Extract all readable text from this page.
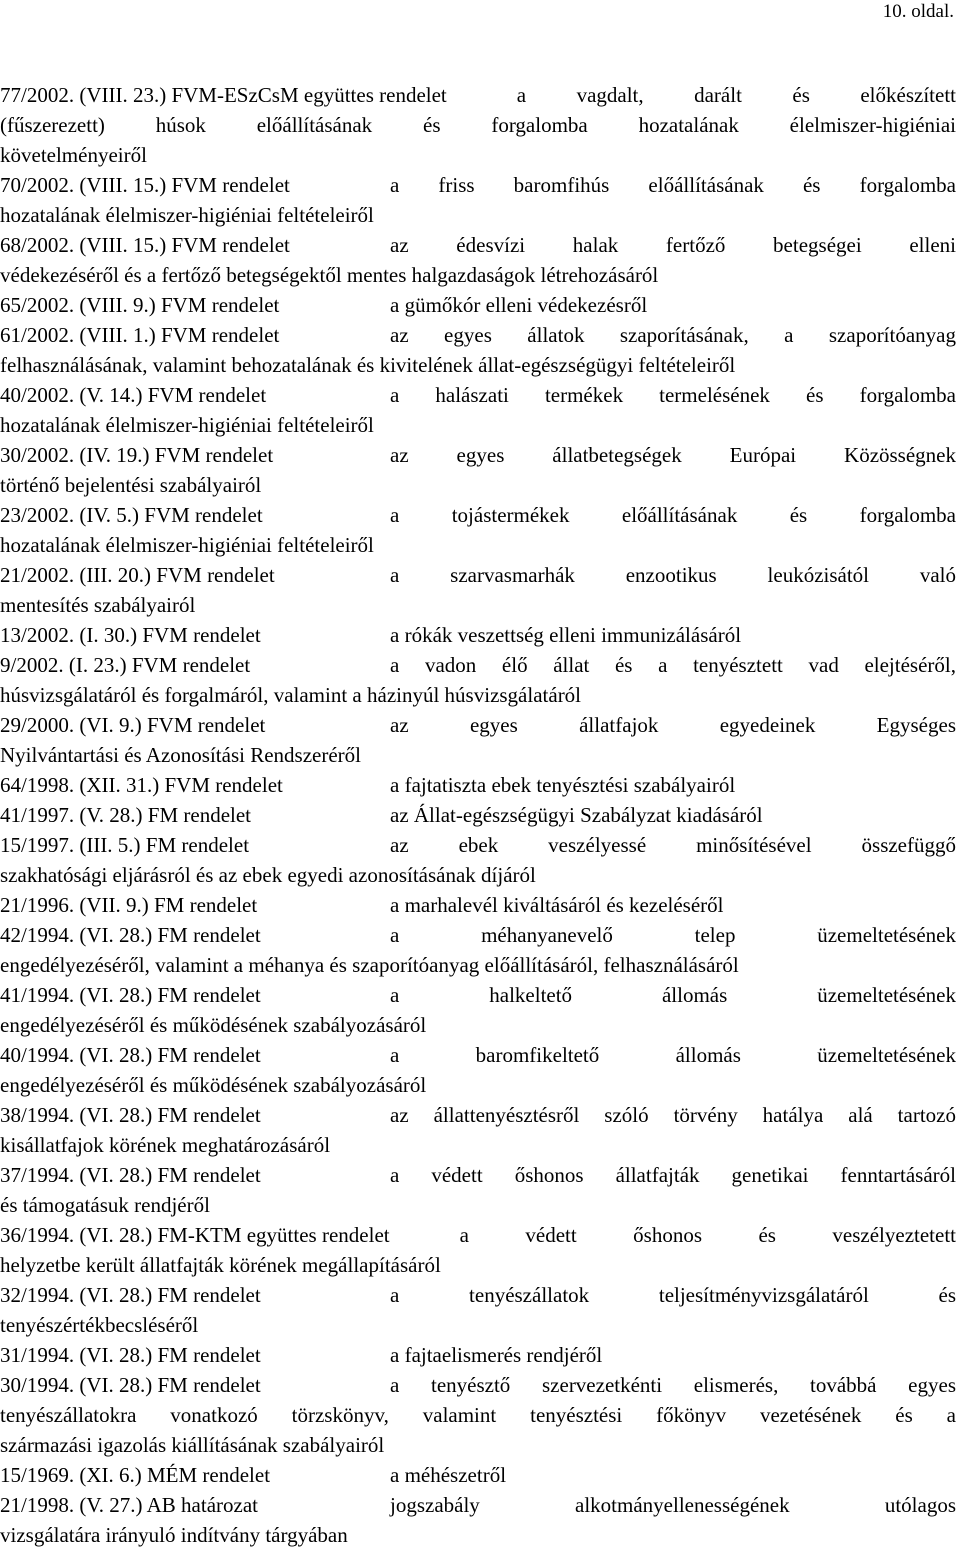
10. oldal.
77/2002. (VIII. 23.) FVM-ESzCsM együttes rendelet	a vagdalt, darált és előkészített
(fűszerezett) húsok előállításának és forgalomba hozatalának élelmiszer-higiéniai
követelményeiről
70/2002. (VIII. 15.) FVM rendelet	a friss baromfihús előállításának és forgalomba
hozatalának élelmiszer-higiéniai feltételeiről
68/2002. (VIII. 15.) FVM rendelet	az édesvízi halak fertőző betegségei elleni
védekezéséről és a fertőző betegségektől mentes halgazdaságok létrehozásáról
65/2002. (VIII. 9.) FVM rendelet	a gümőkór elleni védekezésről
61/2002. (VIII. 1.) FVM rendelet	az egyes állatok szaporításának, a szaporítóanyag
felhasználásának, valamint behozatalának és kivitelének állat-egészségügyi feltételeiről
40/2002. (V. 14.) FVM rendelet	a halászati termékek termelésének és forgalomba
hozatalának élelmiszer-higiéniai feltételeiről
30/2002. (IV. 19.) FVM rendelet	az egyes állatbetegségek Európai Közösségnek
történő bejelentési szabályairól
23/2002. (IV. 5.) FVM rendelet	a tojástermékek előállításának és forgalomba
hozatalának élelmiszer-higiéniai feltételeiről
21/2002. (III. 20.) FVM rendelet	a szarvasmarhák enzootikus leukózisától való
mentesítés szabályairól
13/2002. (I. 30.) FVM rendelet	a rókák veszettség elleni immunizálásáról
9/2002. (I. 23.) FVM rendelet	a vadon élő állat és a tenyésztett vad elejtéséről,
húsvizsgálatáról és forgalmáról, valamint a házinyúl húsvizsgálatáról
29/2000. (VI. 9.) FVM rendelet	az egyes állatfajok egyedeinek Egységes
Nyilvántartási és Azonosítási Rendszeréről
64/1998. (XII. 31.) FVM rendelet	a fajtatiszta ebek tenyésztési szabályairól
41/1997. (V. 28.) FM rendelet	az Állat-egészségügyi Szabályzat kiadásáról
15/1997. (III. 5.) FM rendelet	az ebek veszélyessé minősítésével összefüggő
szakhatósági eljárásról és az ebek egyedi azonosításának díjáról
21/1996. (VII. 9.) FM rendelet	a marhalevél kiváltásáról és kezeléséről
42/1994. (VI. 28.) FM rendelet	a méhanyanevelő telep üzemeltetésének
engedélyezéséről, valamint a méhanya és szaporítóanyag előállításáról, felhasználásáról
41/1994. (VI. 28.) FM rendelet	a halkeltető állomás üzemeltetésének
engedélyezéséről és működésének szabályozásáról
40/1994. (VI. 28.) FM rendelet	a baromfikeltető állomás üzemeltetésének
engedélyezéséről és működésének szabályozásáról
38/1994. (VI. 28.) FM rendelet	az állattenyésztésről szóló törvény hatálya alá tartozó
kisállatfajok körének meghatározásáról
37/1994. (VI. 28.) FM rendelet	a védett őshonos állatfajták genetikai fenntartásáról
és támogatásuk rendjéről
36/1994. (VI. 28.) FM-KTM együttes rendelet	a védett őshonos és veszélyeztetett
helyzetbe került állatfajták körének megállapításáról
32/1994. (VI. 28.) FM rendelet	a tenyészállatok teljesítményvizsgálatáról és
tenyészértékbecsléséről
31/1994. (VI. 28.) FM rendelet	a fajtaelismerés rendjéről
30/1994. (VI. 28.) FM rendelet	a tenyésztő szervezetkénti elismerés, továbbá egyes
tenyészállatokra vonatkozó törzskönyv, valamint tenyésztési főkönyv vezetésének és a
származási igazolás kiállításának szabályairól
15/1969. (XI. 6.) MÉM rendelet	a méhészetről
21/1998. (V. 27.) AB határozat	jogszabály alkotmányellenességének utólagos
vizsgálatára irányuló indítvány tárgyában
